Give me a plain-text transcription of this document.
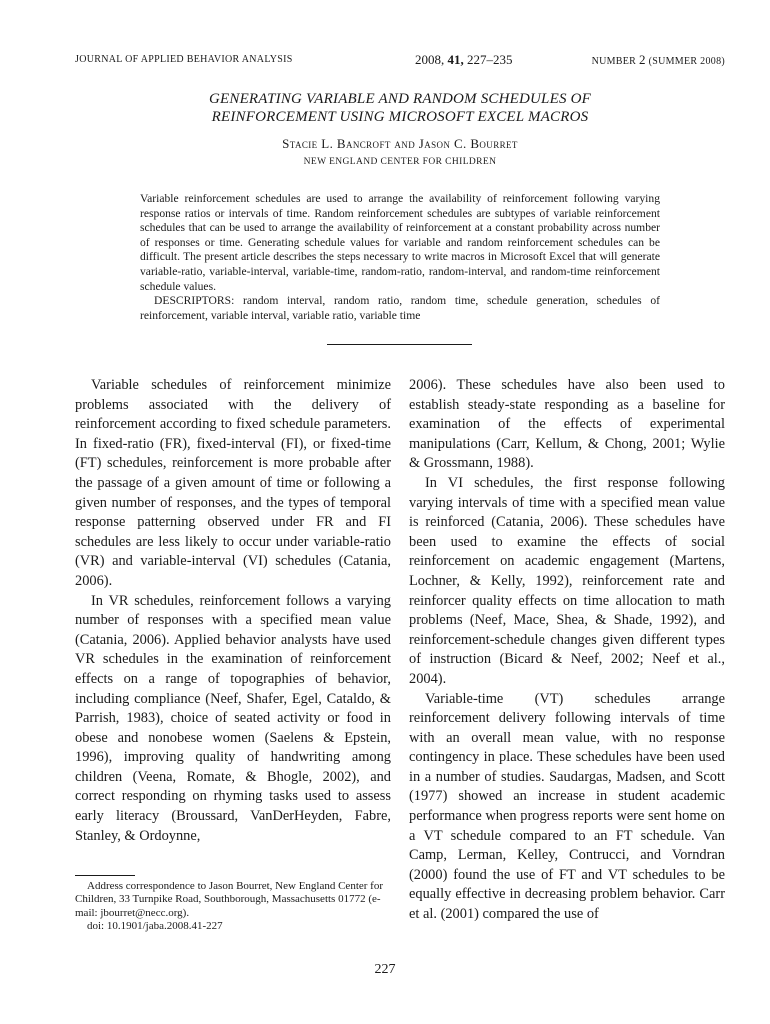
JOURNAL OF APPLIED BEHAVIOR ANALYSIS	2008, 41, 227–235	NUMBER 2 (SUMMER 2008)
GENERATING VARIABLE AND RANDOM SCHEDULES OF
REINFORCEMENT USING MICROSOFT EXCEL MACROS
Stacie L. Bancroft and Jason C. Bourret
NEW ENGLAND CENTER FOR CHILDREN

Variable reinforcement schedules are used to arrange the availability of reinforcement following varying response ratios or intervals of time. Random reinforcement schedules are subtypes of variable reinforcement schedules that can be used to arrange the availability of reinforcement at a constant probability across number of responses or time. Generating schedule values for variable and random reinforcement schedules can be difficult. The present article describes the steps necessary to write macros in Microsoft Excel that will generate variable-ratio, variable-interval, variable-time, random-ratio, random-interval, and random-time reinforcement schedule values.

DESCRIPTORS: random interval, random ratio, random time, schedule generation, schedules of reinforcement, variable interval, variable ratio, variable time

Variable schedules of reinforcement minimize problems associated with the delivery of reinforcement according to fixed schedule parameters. In fixed-ratio (FR), fixed-interval (FI), or fixed-time (FT) schedules, reinforcement is more probable after the passage of a given amount of time or following a given number of responses, and the types of temporal response patterning observed under FR and FI schedules are less likely to occur under variable-ratio (VR) and variable-interval (VI) schedules (Catania, 2006).

In VR schedules, reinforcement follows a varying number of responses with a specified mean value (Catania, 2006). Applied behavior analysts have used VR schedules in the examination of reinforcement effects on a range of topographies of behavior, including compliance (Neef, Shafer, Egel, Cataldo, & Parrish, 1983), choice of seated activity or food in obese and nonobese women (Saelens & Epstein, 1996), improving quality of handwriting among children (Veena, Romate, & Bhogle, 2002), and correct responding on rhyming tasks used to assess early literacy (Broussard, VanDerHeyden, Fabre, Stanley, & Ordoynne,

2006). These schedules have also been used to establish steady-state responding as a baseline for examination of the effects of experimental manipulations (Carr, Kellum, & Chong, 2001; Wylie & Grossmann, 1988).

In VI schedules, the first response following varying intervals of time with a specified mean value is reinforced (Catania, 2006). These schedules have been used to examine the effects of social reinforcement on academic engagement (Martens, Lochner, & Kelly, 1992), reinforcement rate and reinforcer quality effects on time allocation to math problems (Neef, Mace, Shea, & Shade, 1992), and reinforcement-schedule changes given different types of instruction (Bicard & Neef, 2002; Neef et al., 2004).

Variable-time (VT) schedules arrange reinforcement delivery following intervals of time with an overall mean value, with no response contingency in place. These schedules have been used in a number of studies. Saudargas, Madsen, and Scott (1977) showed an increase in student academic performance when progress reports were sent home on a VT schedule compared to an FT schedule. Van Camp, Lerman, Kelley, Contrucci, and Vorndran (2000) found the use of FT and VT schedules to be equally effective in decreasing problem behavior. Carr et al. (2001) compared the use of

Address correspondence to Jason Bourret, New England Center for Children, 33 Turnpike Road, Southborough, Massachusetts 01772 (e-mail: jbourret@necc.org).

doi: 10.1901/jaba.2008.41-227

227
